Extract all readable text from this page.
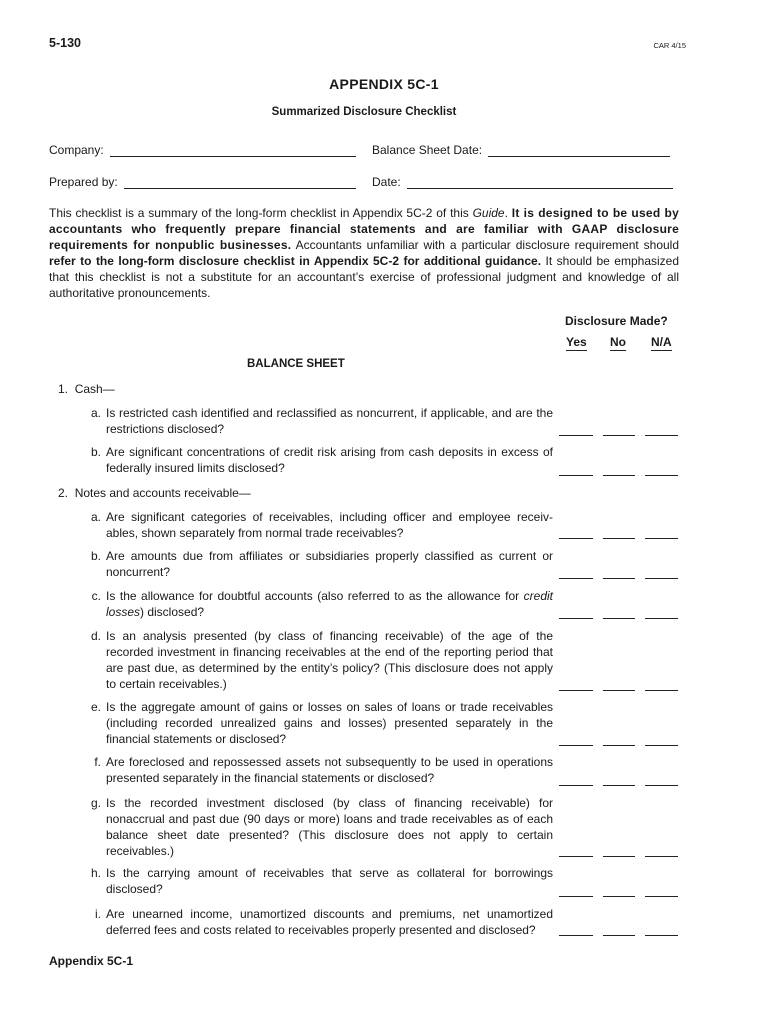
5-130	CAR 4/15
APPENDIX 5C-1
Summarized Disclosure Checklist
Company:	Balance Sheet Date:
Prepared by:	Date:
This checklist is a summary of the long-form checklist in Appendix 5C-2 of this Guide. It is designed to be used by accountants who frequently prepare financial statements and are familiar with GAAP disclosure requirements for nonpublic businesses. Accountants unfamiliar with a particular disclosure requirement should refer to the long-form disclosure checklist in Appendix 5C-2 for additional guidance. It should be emphasized that this checklist is not a substitute for an accountant’s exercise of professional judgment and knowledge of all authoritative pronouncements.
Disclosure Made?
Yes No N/A
BALANCE SHEET
1. Cash—
a. Is restricted cash identified and reclassified as noncurrent, if applicable, and are the restrictions disclosed?
b. Are significant concentrations of credit risk arising from cash deposits in excess of federally insured limits disclosed?
2. Notes and accounts receivable—
a. Are significant categories of receivables, including officer and employee receiv-ables, shown separately from normal trade receivables?
b. Are amounts due from affiliates or subsidiaries properly classified as current or noncurrent?
c. Is the allowance for doubtful accounts (also referred to as the allowance for credit losses) disclosed?
d. Is an analysis presented (by class of financing receivable) of the age of the recorded investment in financing receivables at the end of the reporting period that are past due, as determined by the entity’s policy? (This disclosure does not apply to certain receivables.)
e. Is the aggregate amount of gains or losses on sales of loans or trade receivables (including recorded unrealized gains and losses) presented separately in the financial statements or disclosed?
f. Are foreclosed and repossessed assets not subsequently to be used in operations presented separately in the financial statements or disclosed?
g. Is the recorded investment disclosed (by class of financing receivable) for nonaccrual and past due (90 days or more) loans and trade receivables as of each balance sheet date presented? (This disclosure does not apply to certain receivables.)
h. Is the carrying amount of receivables that serve as collateral for borrowings disclosed?
i. Are unearned income, unamortized discounts and premiums, net unamortized deferred fees and costs related to receivables properly presented and disclosed?
Appendix 5C-1
